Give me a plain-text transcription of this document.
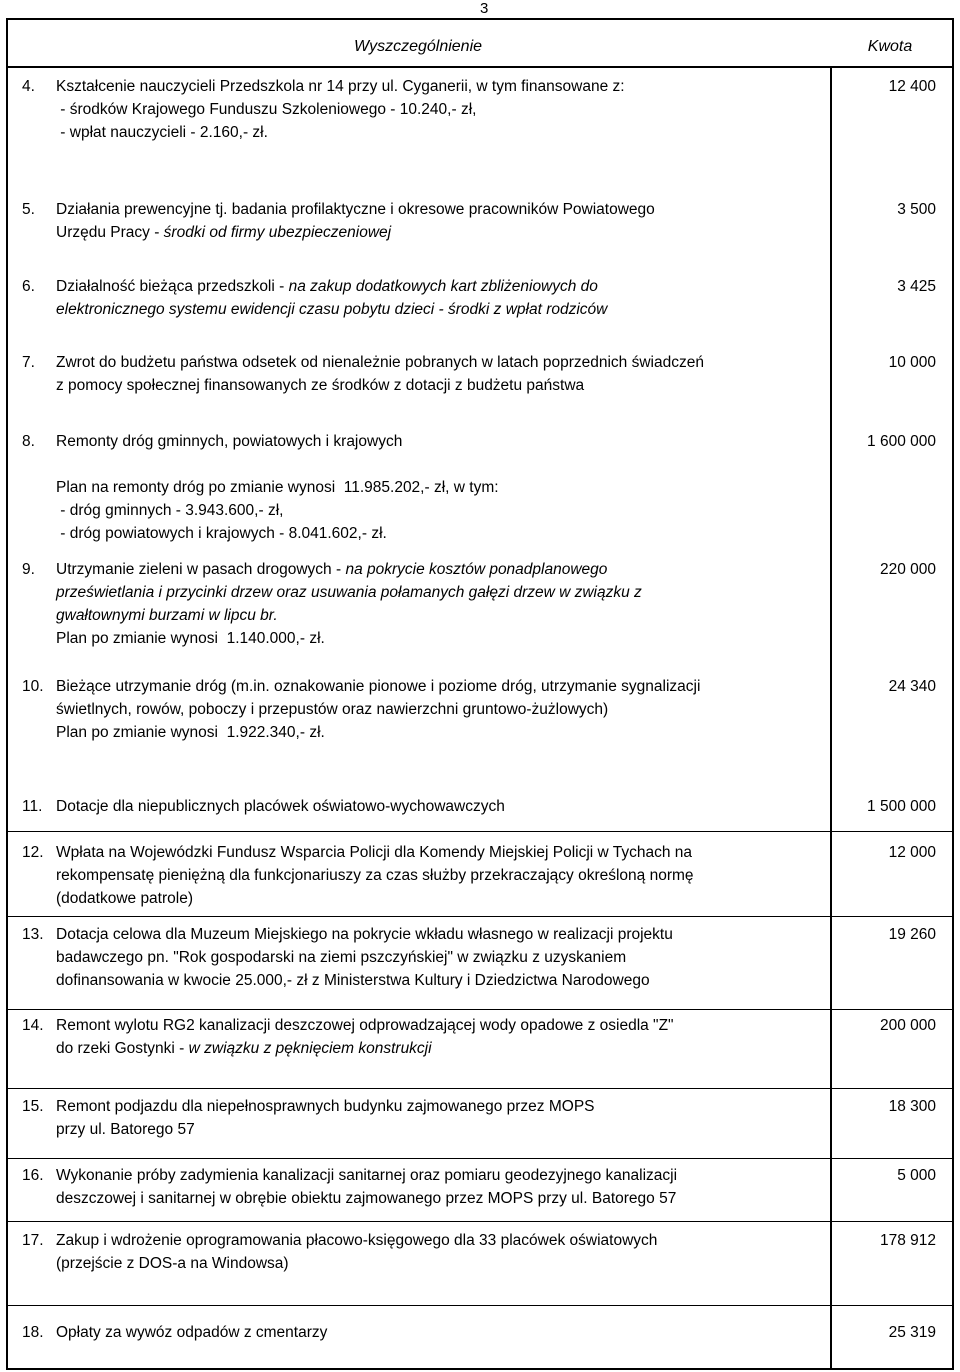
3
Wyszczególnienie	Kwota
4. Kształcenie nauczycieli Przedszkola nr 14 przy ul. Cyganerii, w tym finansowane z:
- środków Krajowego Funduszu Szkoleniowego - 10.240,- zł,
- wpłat nauczycieli - 2.160,- zł.
12 400
5. Działania prewencyjne tj. badania profilaktyczne i okresowe pracowników Powiatowego
Urzędu Pracy - środki od firmy ubezpieczeniowej
3 500
6. Działalność bieżąca przedszkoli - na zakup dodatkowych kart zbliżeniowych do
elektronicznego systemu ewidencji czasu pobytu dzieci - środki z wpłat rodziców
3 425
7. Zwrot do budżetu państwa odsetek od nienależnie pobranych w latach poprzednich świadczeń
z pomocy społecznej finansowanych ze środków z dotacji z budżetu państwa
10 000
8. Remonty dróg gminnych, powiatowych i krajowych

Plan na remonty dróg po zmianie wynosi  11.985.202,- zł, w tym:
- dróg gminnych - 3.943.600,- zł,
- dróg powiatowych i krajowych - 8.041.602,- zł.
1 600 000
9. Utrzymanie zieleni w pasach drogowych - na pokrycie kosztów ponadplanowego
prześwietlania i przycinki drzew oraz usuwania połamanych gałęzi drzew w związku z
gwałtownymi burzami w lipcu br.
Plan po zmianie wynosi  1.140.000,- zł.
220 000
10. Bieżące utrzymanie dróg (m.in. oznakowanie pionowe i poziome dróg, utrzymanie sygnalizacji
świetlnych, rowów, poboczy i przepustów oraz nawierzchni gruntowo-żużlowych)
Plan po zmianie wynosi  1.922.340,- zł.
24 340
11. Dotacje dla niepublicznych placówek oświatowo-wychowawczych	1 500 000
12. Wpłata na Wojewódzki Fundusz Wsparcia Policji dla Komendy Miejskiej Policji w Tychach na
rekompensatę pieniężną dla funkcjonariuszy za czas służby przekraczający określoną normę
(dodatkowe patrole)
12 000
13. Dotacja celowa dla Muzeum Miejskiego na pokrycie wkładu własnego w realizacji projektu
badawczego pn. "Rok gospodarski na ziemi pszczyńskiej" w związku z uzyskaniem
dofinansowania w kwocie 25.000,- zł z Ministerstwa Kultury i Dziedzictwa Narodowego
19 260
14. Remont wylotu RG2 kanalizacji deszczowej odprowadzającej wody opadowe z osiedla "Z"
do rzeki Gostynki - w związku z pęknięciem konstrukcji
200 000
15. Remont podjazdu dla niepełnosprawnych budynku zajmowanego przez MOPS
przy ul. Batorego 57
18 300
16. Wykonanie próby zadymienia kanalizacji sanitarnej oraz pomiaru geodezyjnego kanalizacji
deszczowej i sanitarnej w obrębie obiektu zajmowanego przez MOPS przy ul. Batorego 57
5 000
17. Zakup i wdrożenie oprogramowania płacowo-księgowego dla 33 placówek oświatowych
(przejście z DOS-a na Windowsa)
178 912
18. Opłaty za wywóz odpadów z cmentarzy	25 319
